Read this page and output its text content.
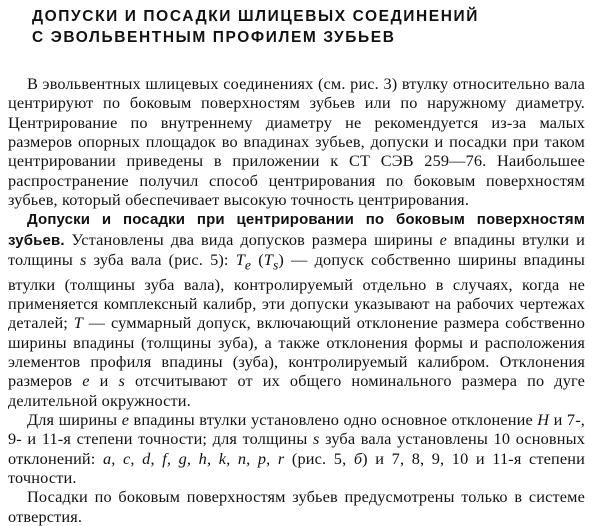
ДОПУСКИ И ПОСАДКИ ШЛИЦЕВЫХ СОЕДИНЕНИЙ
С ЭВОЛЬВЕНТНЫМ ПРОФИЛЕМ ЗУБЬЕВ

В эвольвентных шлицевых соединениях (см. рис. 3) втулку относительно вала центрируют по боковым поверхностям зубьев или по наружному диаметру. Центрирование по внутреннему диаметру не рекомендуется из-за малых размеров опорных площадок во впадинах зубьев, допуски и посадки при таком центрировании приведены в приложении к СТ СЭВ 259—76. Наибольшее распространение получил способ центрирования по боковым поверхностям зубьев, который обеспечивает высокую точность центрирования.

Допуски и посадки при центрировании по боковым поверхностям зубьев. Установлены два вида допусков размера ширины e впадины втулки и толщины s зуба вала (рис. 5): $T_e$ $(T_s)$ — допуск собственно ширины впадины втулки (толщины зуба вала), контролируемый отдельно в случаях, когда не применяется комплексный калибр, эти допуски указывают на рабочих чертежах деталей; T — суммарный допуск, включающий отклонение размера собственно ширины впадины (толщины зуба), а также отклонения формы и расположения элементов профиля впадины (зуба), контролируемый калибром. Отклонения размеров e и s отсчитывают от их общего номинального размера по дуге делительной окружности.

Для ширины e впадины втулки установлено одно основное отклонение H и 7-, 9- и 11-я степени точности; для толщины s зуба вала установлены 10 основных отклонений: a, c, d, f, g, h, k, n, p, r (рис. 5, б) и 7, 8, 9, 10 и 11-я степени точности.

Посадки по боковым поверхностям зубьев предусмотрены только в системе отверстия.
